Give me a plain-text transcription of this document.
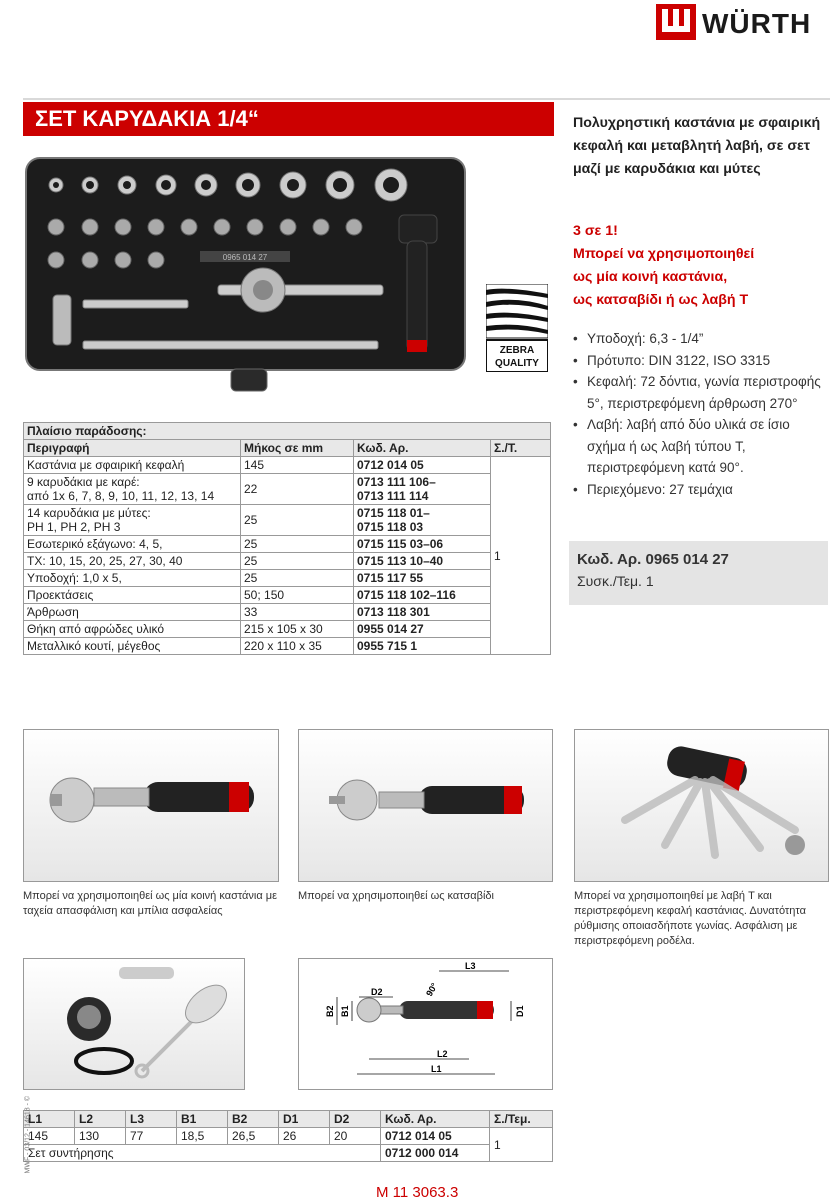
WÜRTH
ΣΕΤ ΚΑΡΥΔΑΚΙΑ 1/4“	Πολυχρηστική καστάνια με σφαιρική κεφαλή και μεταβλητή λαβή, σε σετ μαζί με καρυδάκια και μύτες
3 σε 1!
Μπορεί να χρησιμοποιηθεί
ως μία κοινή καστάνια,
ως κατσαβίδι ή ως λαβή T
• Υποδοχή: 6,3 - 1/4”
• Πρότυπο: DIN 3122, ISO 3315
• Κεφαλή: 72 δόντια, γωνία περιστροφής 5°, περιστρεφόμενη άρθρωση 270°
• Λαβή: λαβή από δύο υλικά σε ίσιο σχήμα ή ως λαβή τύπου T, περιστρεφόμενη κατά 90°.
• Περιεχόμενο: 27 τεμάχια
Κωδ. Αρ. 0965 014 27
Συσκ./Τεμ. 1
ZEBRA
QUALITY
0965 014 27
Πλαίσιο παράδοσης:			
Περιγραφή	Μήκος σε mm	Κωδ. Αρ.	Σ./Τ.
Καστάνια με σφαιρική κεφαλή	145	0712 014 05	1
9 καρυδάκια με καρέ:
από 1x 6, 7, 8, 9, 10, 11, 12, 13, 14	22	0713 111 106–
0713 111 114	
14 καρυδάκια με μύτες:
PH 1, PH 2, PH 3	25	0715 118 01–
0715 118 03	
Εσωτερικό εξάγωνο: 4, 5,	25	0715 115 03–06	
TX: 10, 15, 20, 25, 27, 30, 40	25	0715 113 10–40	
Υποδοχή: 1,0 x 5,	25	0715 117 55	
Προεκτάσεις	50; 150	0715 118 102–116	
Άρθρωση	33	0713 118 301	
Θήκη από αφρώδες υλικό	215 x 105 x 30	0955 014 27	
Μεταλλικό κουτί, μέγεθος	220 x 110 x 35	0955 715 1	
Μπορεί να χρησιμοποιηθεί ως μία κοινή καστάνια με ταχεία απασφάλιση και μπίλια ασφαλείας
Μπορεί να χρησιμοποιηθεί ως κατσαβίδι	Μπορεί να χρησιμοποιηθεί με λαβή T και περιστρεφόμενη κεφαλή καστάνιας. Δυνατότητα ρύθμισης οποιασδήποτε γωνίας. Ασφάλιση με περιστρεφόμενη ροδέλα.
L3
D2	90°
B2 B1	D1
L2
L1
L1	L2	L3	B1	B2	D1	D2	Κωδ. Αρ.	Σ./Τεμ.
145	130	77	18,5	26,5	26	20	0712 014 05	1
Σετ συντήρησης							0712 000 014	
M 11 3063.3
MWF - 03/12 - 14618 - ©
